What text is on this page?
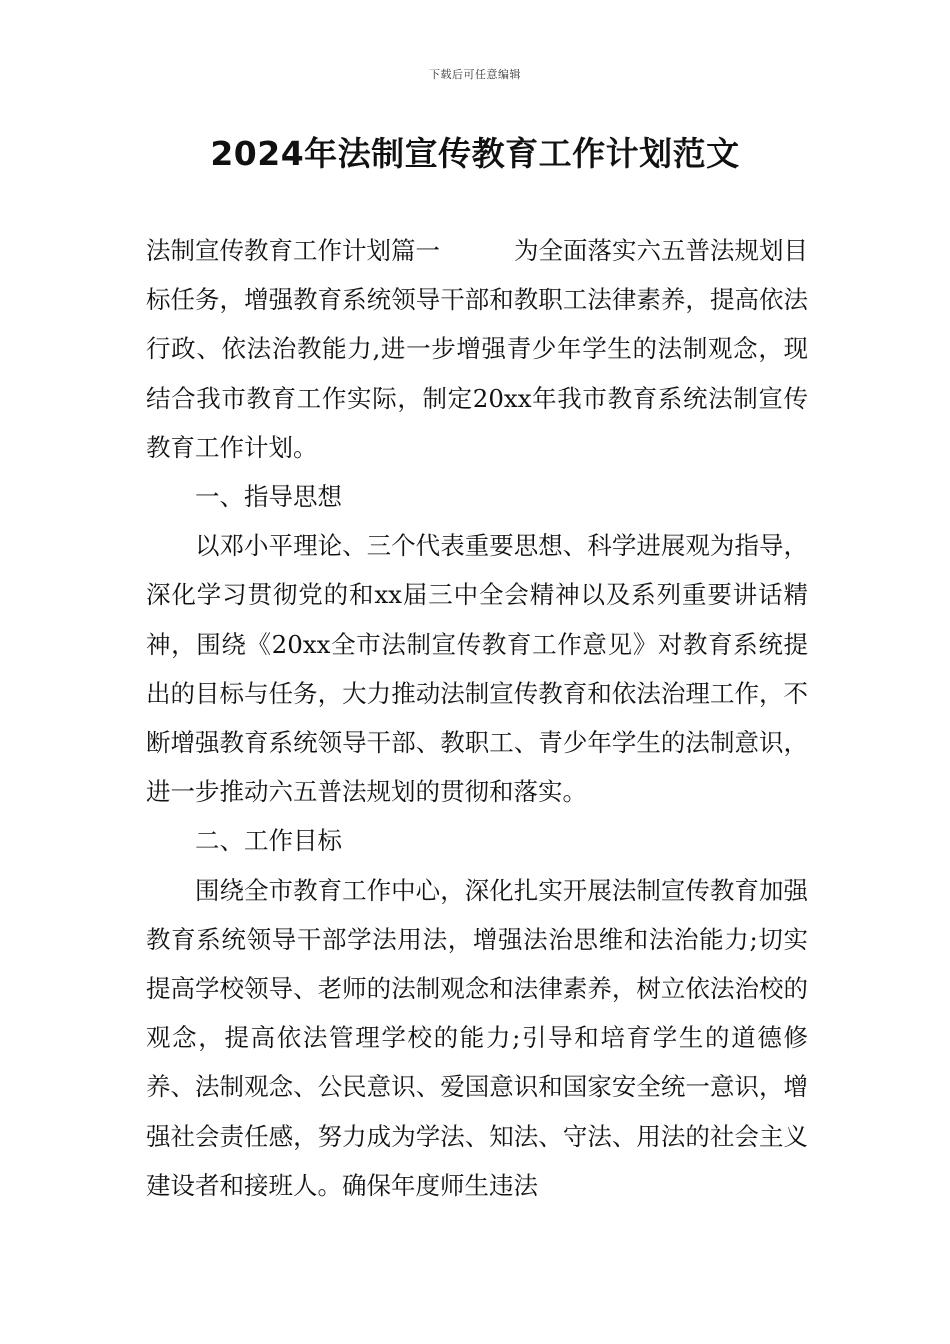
下载后可任意编辑
2024年法制宣传教育工作计划范文

法制宣传教育工作计划篇一	为全面落实六五普法规划目标任务，增强教育系统领导干部和教职工法律素养，提高依法行政、依法治教能力,进一步增强青少年学生的法制观念，现结合我市教育工作实际，制定20xx年我市教育系统法制宣传教育工作计划。

一、指导思想

以邓小平理论、三个代表重要思想、科学进展观为指导，深化学习贯彻党的和xx届三中全会精神以及系列重要讲话精神，围绕《20xx全市法制宣传教育工作意见》对教育系统提出的目标与任务，大力推动法制宣传教育和依法治理工作，不断增强教育系统领导干部、教职工、青少年学生的法制意识，进一步推动六五普法规划的贯彻和落实。

二、工作目标

围绕全市教育工作中心，深化扎实开展法制宣传教育加强教育系统领导干部学法用法，增强法治思维和法治能力;切实提高学校领导、老师的法制观念和法律素养，树立依法治校的观念，提高依法管理学校的能力;引导和培育学生的道德修养、法制观念、公民意识、爱国意识和国家安全统一意识，增强社会责任感，努力成为学法、知法、守法、用法的社会主义建设者和接班人。确保年度师生违法
